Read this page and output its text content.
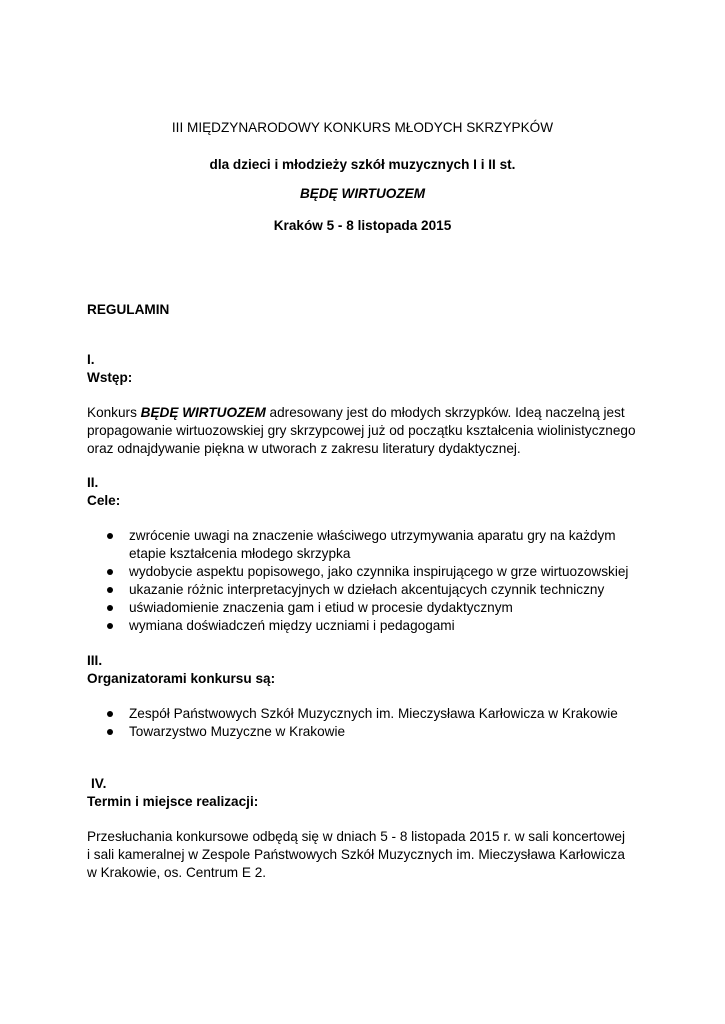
III MIĘDZYNARODOWY KONKURS MŁODYCH SKRZYPKÓW
dla dzieci i młodzieży szkół muzycznych I i II st.
BĘDĘ WIRTUOZEM
Kraków 5 - 8 listopada 2015
REGULAMIN
I.
Wstęp:
Konkurs BĘDĘ WIRTUOZEM adresowany jest do młodych skrzypków. Ideą naczelną jest
propagowanie wirtuozowskiej gry skrzypcowej już od początku kształcenia wiolinistycznego
oraz odnajdywanie piękna w utworach z zakresu literatury dydaktycznej.
II.
Cele:
zwrócenie uwagi na znaczenie właściwego utrzymywania aparatu gry na każdym
etapie kształcenia młodego skrzypka
wydobycie aspektu popisowego, jako czynnika inspirującego w grze wirtuozowskiej
ukazanie różnic interpretacyjnych w dziełach akcentujących czynnik techniczny
uświadomienie znaczenia gam i etiud w procesie dydaktycznym
wymiana doświadczeń między uczniami i pedagogami
III.
Organizatorami konkursu są:
Zespół Państwowych Szkół Muzycznych im. Mieczysława Karłowicza w Krakowie
Towarzystwo Muzyczne w Krakowie
IV.
Termin i miejsce realizacji:
Przesłuchania konkursowe odbędą się w dniach 5 - 8 listopada 2015 r. w sali koncertowej
i sali kameralnej w Zespole Państwowych Szkół Muzycznych im. Mieczysława Karłowicza
w Krakowie, os. Centrum E 2.
